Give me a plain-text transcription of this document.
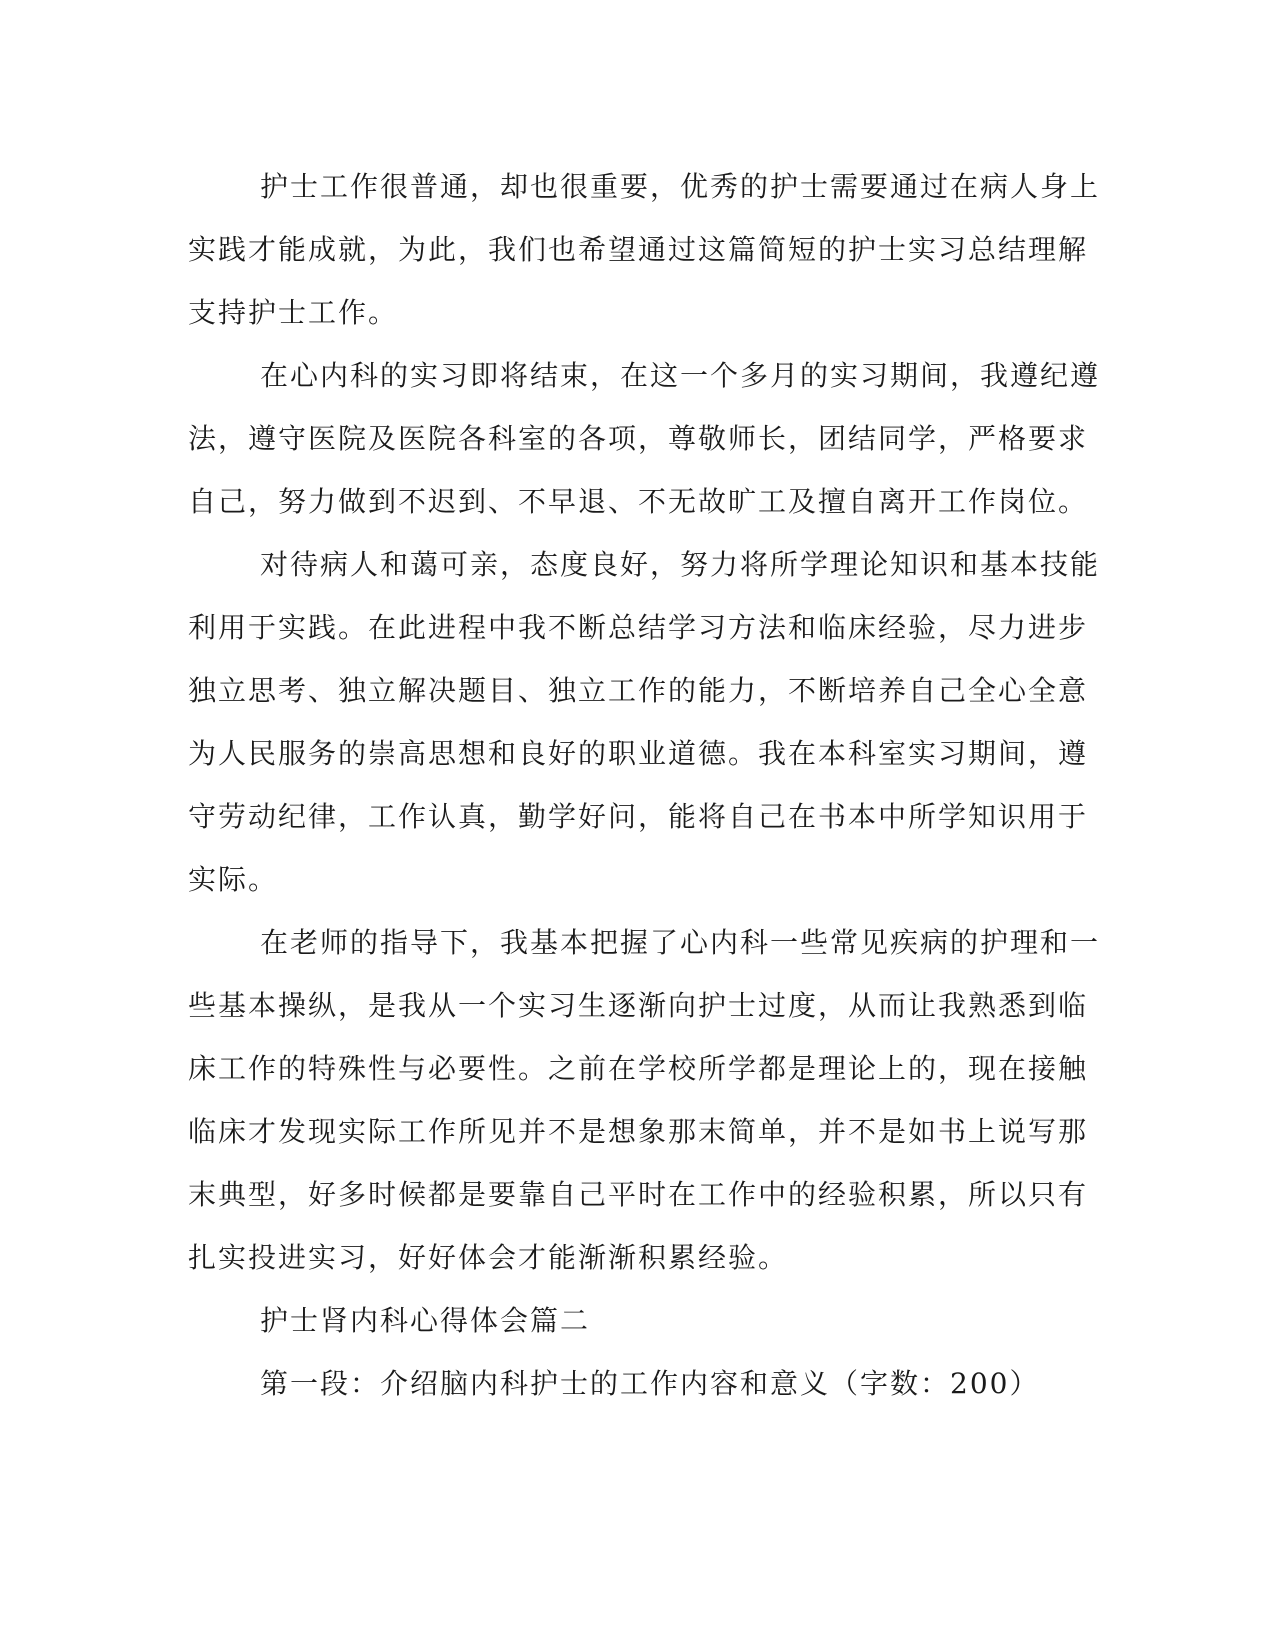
护士工作很普通，却也很重要，优秀的护士需要通过在病人身上
实践才能成就，为此，我们也希望通过这篇简短的护士实习总结理解
支持护士工作。

在心内科的实习即将结束，在这一个多月的实习期间，我遵纪遵
法，遵守医院及医院各科室的各项，尊敬师长，团结同学，严格要求
自己，努力做到不迟到、不早退、不无故旷工及擅自离开工作岗位。

对待病人和蔼可亲，态度良好，努力将所学理论知识和基本技能
利用于实践。在此进程中我不断总结学习方法和临床经验，尽力进步
独立思考、独立解决题目、独立工作的能力，不断培养自己全心全意
为人民服务的崇高思想和良好的职业道德。我在本科室实习期间，遵
守劳动纪律，工作认真，勤学好问，能将自己在书本中所学知识用于
实际。

在老师的指导下，我基本把握了心内科一些常见疾病的护理和一
些基本操纵，是我从一个实习生逐渐向护士过度，从而让我熟悉到临
床工作的特殊性与必要性。之前在学校所学都是理论上的，现在接触
临床才发现实际工作所见并不是想象那末简单，并不是如书上说写那
末典型，好多时候都是要靠自己平时在工作中的经验积累，所以只有
扎实投进实习，好好体会才能渐渐积累经验。

护士肾内科心得体会篇二

第一段：介绍脑内科护士的工作内容和意义（字数：200）
